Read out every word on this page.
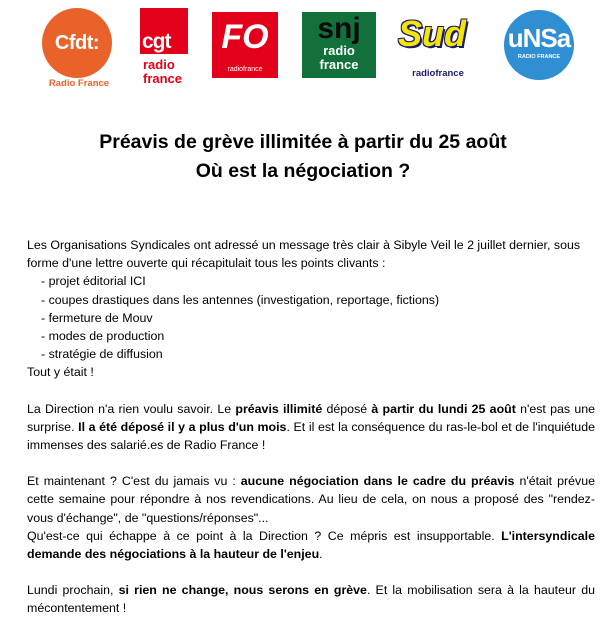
Cfdt:
Radio France
cgt
radio
france
FO
radiofrance
snj
radio
france
Sud
radiofrance
uNSa
RADIO FRANCE
Préavis de grève illimitée à partir du 25 août
Où est la négociation ?

Les Organisations Syndicales ont adressé un message très clair à Sibyle Veil le 2 juillet dernier, sous forme d'une lettre ouverte qui récapitulait tous les points clivants :

- projet éditorial ICI
- coupes drastiques dans les antennes (investigation, reportage, fictions)
- fermeture de Mouv
- modes de production
- stratégie de diffusion

Tout y était !

La Direction n'a rien voulu savoir. Le préavis illimité déposé à partir du lundi 25 août n'est pas une surprise. Il a été déposé il y a plus d'un mois. Et il est la conséquence du ras-le-bol et de l'inquiétude immenses des salarié.es de Radio France !

Et maintenant ? C'est du jamais vu : aucune négociation dans le cadre du préavis n'était prévue cette semaine pour répondre à nos revendications. Au lieu de cela, on nous a proposé des "rendez-vous d'échange", de "questions/réponses"...

Qu'est-ce qui échappe à ce point à la Direction ? Ce mépris est insupportable. L'intersyndicale demande des négociations à la hauteur de l'enjeu.

Lundi prochain, si rien ne change, nous serons en grève. Et la mobilisation sera à la hauteur du mécontentement !
